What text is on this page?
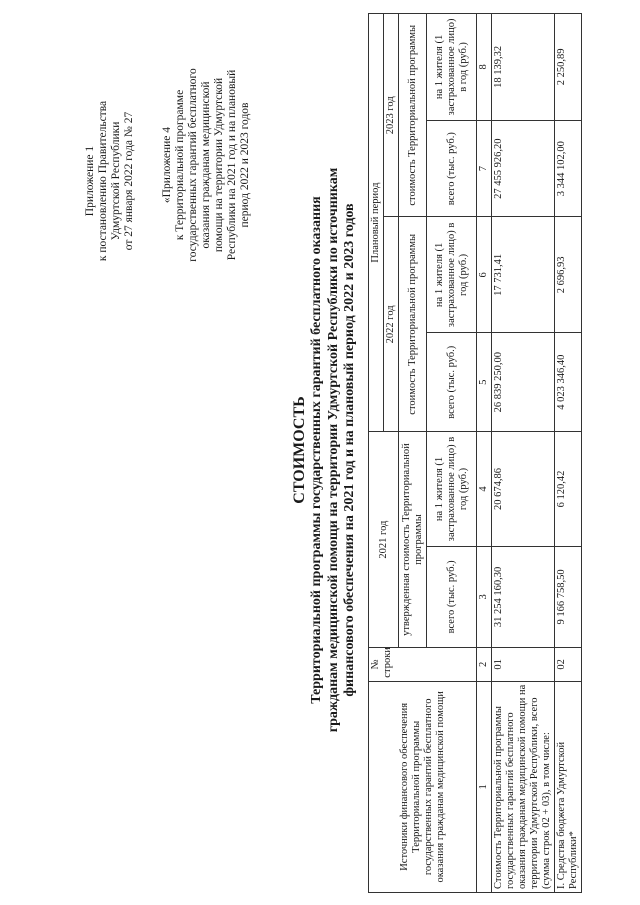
Приложение 1 к постановлению Правительства Удмуртской Республики от 27 января 2022 года № 27 «Приложение 4 к Территориальной программе государственных гарантий бесплатного оказания гражданам медицинской помощи на территории Удмуртской Республики на 2021 год и на плановый период 2022 и 2023 годов
СТОИМОСТЬ Территориальной программы государственных гарантий бесплатного оказания гражданам медицинской помощи на территории Удмуртской Республики по источникам финансового обеспечения на 2021 год и на плановый период 2022 и 2023 годов
Источники финансового обеспечения Территориальной программы государственных гарантий бесплатного оказания гражданам медицинской помощи	№ строки	2021 год		Плановый период			
				2022 год		2023 год	
		утвержденная стоимость Территориальной программы		стоимость Территориальной программы		стоимость Территориальной программы	
		всего (тыс. руб.)	на 1 жителя (1 застрахованное лицо) в год (руб.)	всего (тыс. руб.)	на 1 жителя (1 застрахованное лицо) в год (руб.)	всего (тыс. руб.)	на 1 жителя (1 застрахованное лицо) в год (руб.)
1	2	3	4	5	6	7	8
Стоимость Территориальной программы государственных гарантий бесплатного оказания гражданам медицинской помощи на территории Удмуртской Республики, всего (сумма строк 02 + 03), в том числе:	01	31 254 160,30	20 674,86	26 839 250,00	17 731,41	27 455 926,20	18 139,32
I. Средства бюджета Удмуртской Республики*	02	9 166 758,50	6 120,42	4 023 346,40	2 696,93	3 344 102,00	2 250,89
